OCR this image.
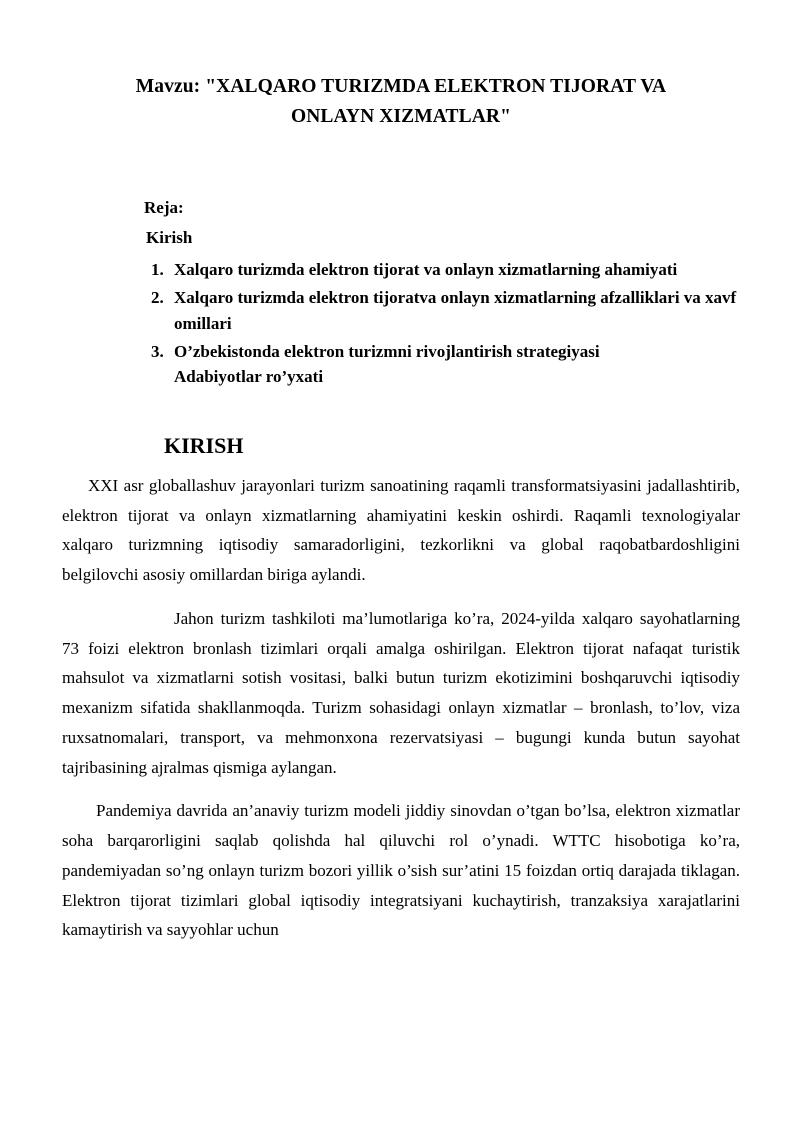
Mavzu: "XALQARO TURIZMDA ELEKTRON TIJORAT VA
ONLAYN XIZMATLAR"
Reja:
Kirish
1. Xalqaro turizmda elektron tijorat va onlayn xizmatlarning ahamiyati
2. Xalqaro turizmda elektron tijoratva onlayn xizmatlarning afzalliklari va xavf omillari
3. O’zbekistonda elektron turizmni rivojlantirish strategiyasi
Adabiyotlar ro’yxati
KIRISH

XXI asr globallashuv jarayonlari turizm sanoatining raqamli transformatsiyasini jadallashtirib, elektron tijorat va onlayn xizmatlarning ahamiyatini keskin oshirdi. Raqamli texnologiyalar xalqaro turizmning iqtisodiy samaradorligini, tezkorlikni va global raqobatbardoshligini belgilovchi asosiy omillardan biriga aylandi.

Jahon turizm tashkiloti ma’lumotlariga ko’ra, 2024-yilda xalqaro sayohatlarning 73 foizi elektron bronlash tizimlari orqali amalga oshirilgan. Elektron tijorat nafaqat turistik mahsulot va xizmatlarni sotish vositasi, balki butun turizm ekotizimini boshqaruvchi iqtisodiy mexanizm sifatida shakllanmoqda. Turizm sohasidagi onlayn xizmatlar – bronlash, to’lov, viza ruxsatnomalari, transport, va mehmonxona rezervatsiyasi – bugungi kunda butun sayohat tajribasining ajralmas qismiga aylangan.

Pandemiya davrida an’anaviy turizm modeli jiddiy sinovdan o’tgan bo’lsa, elektron xizmatlar soha barqarorligini saqlab qolishda hal qiluvchi rol o’ynadi. WTTC hisobotiga ko’ra, pandemiyadan so’ng onlayn turizm bozori yillik o’sish sur’atini 15 foizdan ortiq darajada tiklagan. Elektron tijorat tizimlari global iqtisodiy integratsiyani kuchaytirish, tranzaksiya xarajatlarini kamaytirish va sayyohlar uchun
